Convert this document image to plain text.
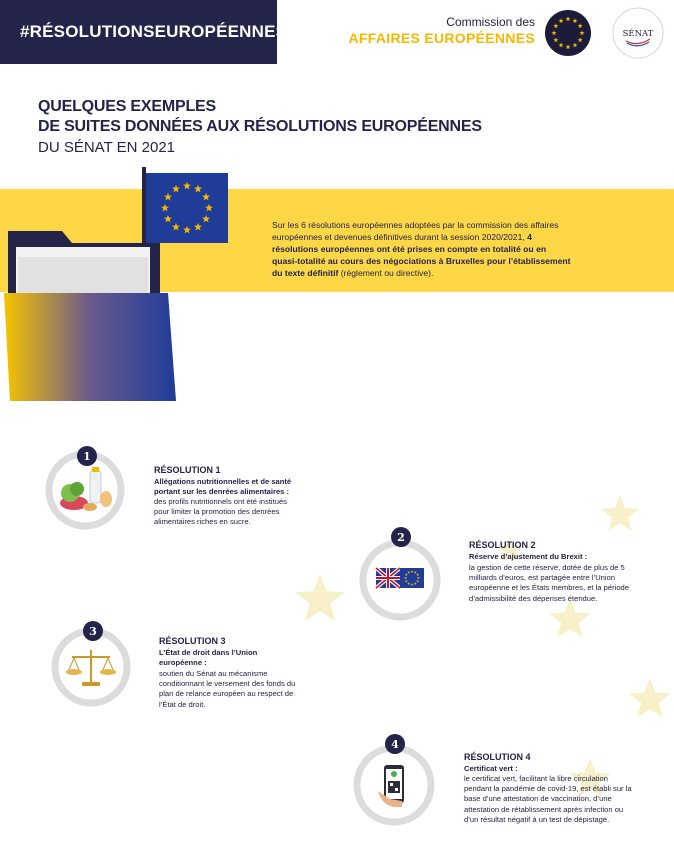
#RÉSOLUTIONSEUROPÉENNES	Commission des
AFFAIRES EUROPÉENNES	SÉNAT
QUELQUES EXEMPLES
DE SUITES DONNÉES AUX RÉSOLUTIONS EUROPÉENNES
DU SÉNAT EN 2021
Sur les 6 résolutions européennes adoptées par la commission des affaires européennes et devenues définitives durant la session 2020/2021, 4 résolutions européennes ont été prises en compte en totalité ou en quasi-totalité au cours des négociations à Bruxelles pour l’établissement du texte définitif (règlement ou directive).
1
RÉSOLUTION 1
Allégations nutritionnelles et de santé portant sur les denrées alimentaires :
des profils nutritionnels ont été institués pour limiter la promotion des denrées alimentaires riches en sucre.
2
RÉSOLUTION 2
Réserve d’ajustement du Brexit :
la gestion de cette réserve, dotée de plus de 5 milliards d’euros, est partagée entre l’Union européenne et les États membres, et la période d’admissibilité des dépenses étendue.
3
RÉSOLUTION 3
L’État de droit dans l’Union européenne :
soutien du Sénat au mécanisme conditionnant le versement des fonds du plan de relance européen au respect de l’État de droit.
4
RÉSOLUTION 4
Certificat vert :
le certificat vert, facilitant la libre circulation pendant la pandémie de covid-19, est établi sur la base d’une attestation de vaccination, d’une attestation de rétablissement après infection ou d’un résultat négatif à un test de dépistage.
